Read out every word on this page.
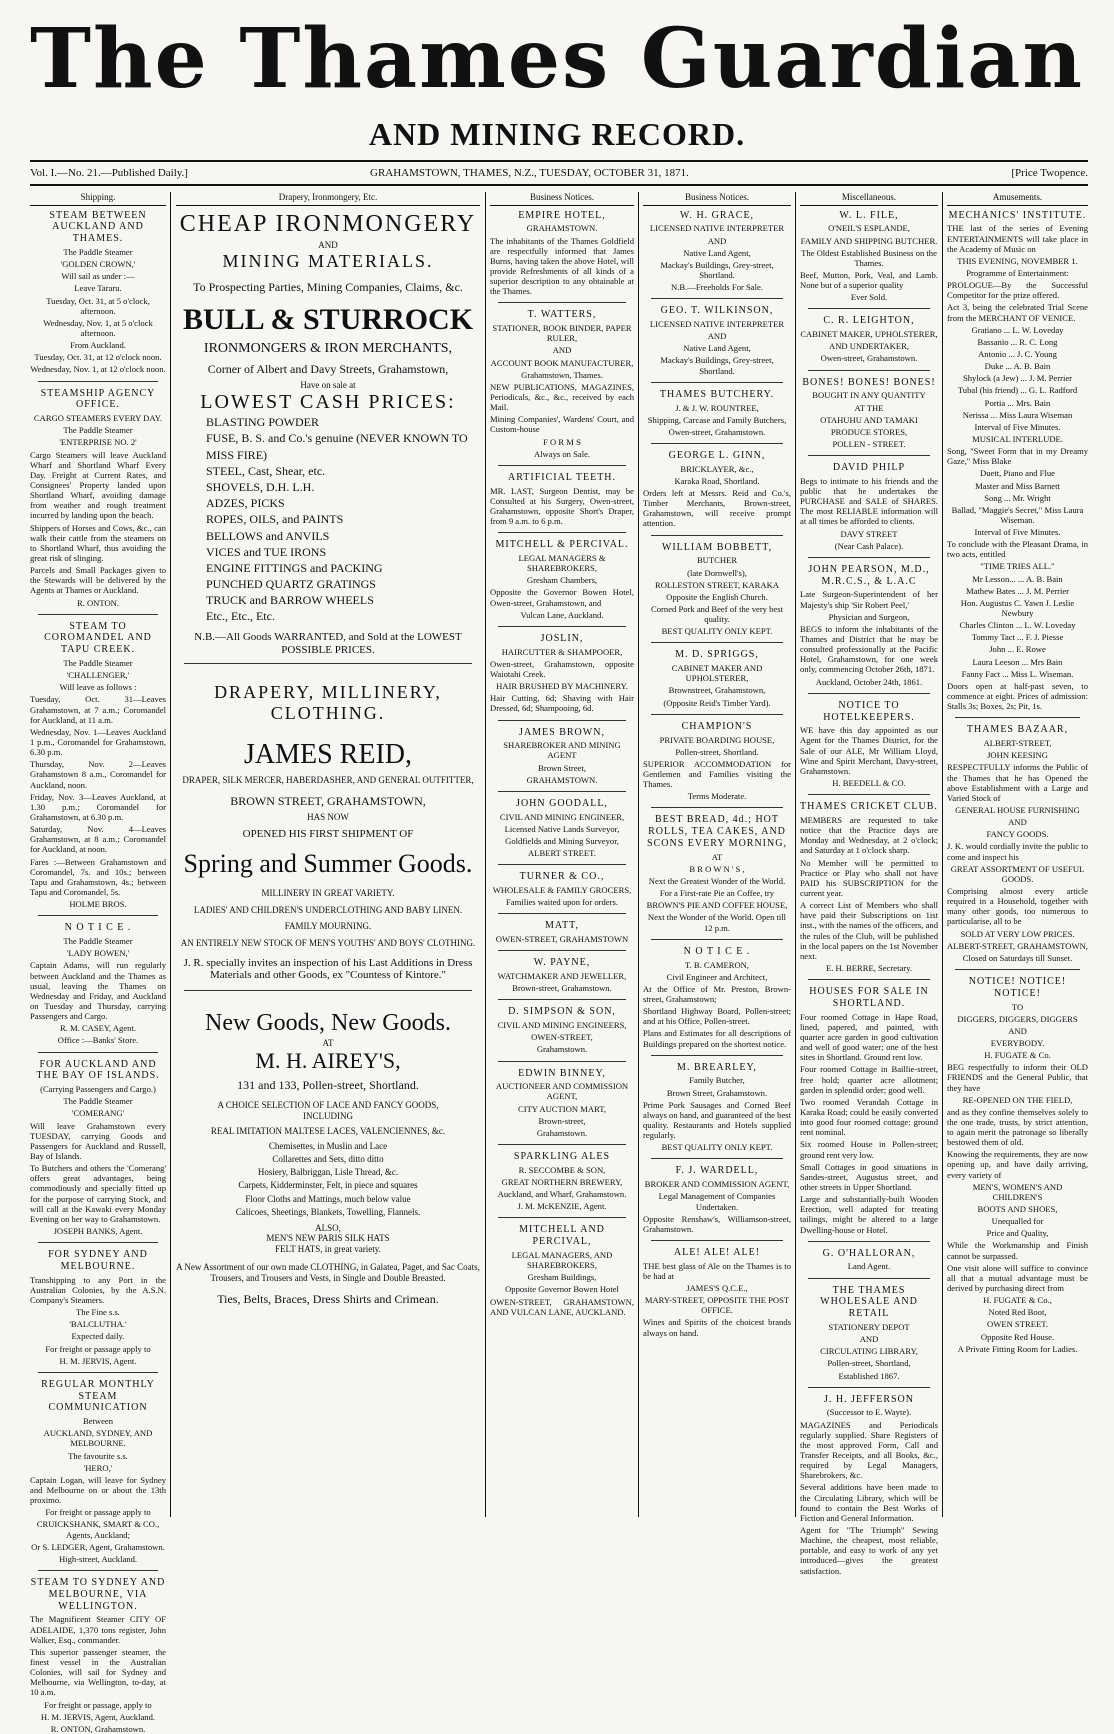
The Thames Guardian
AND MINING RECORD.
Vol. I.—No. 21.—Published Daily.]	GRAHAMSTOWN, THAMES, N.Z., TUESDAY, OCTOBER 31, 1871.	[Price Twopence.
Shipping.
STEAM BETWEEN AUCKLAND AND THAMES.
The Paddle Steamer
'GOLDEN CROWN,'
Will sail as under :—
Leave Tararu.
Tuesday, Oct. 31, at 5 o'clock, afternoon.
Wednesday, Nov. 1, at 5 o'clock afternoon.
From Auckland.
Tuesday, Oct. 31, at 12 o'clock noon.
Wednesday, Nov. 1, at 12 o'clock noon.
STEAMSHIP AGENCY OFFICE.
CARGO STEAMERS EVERY DAY.
The Paddle Steamer
'ENTERPRISE NO. 2'
Cargo Steamers will leave Auckland Wharf and Shortland Wharf Every Day. Freight at Current Rates, and Consignees' Property landed upon Shortland Wharf, avoiding damage from weather and rough treatment incurred by landing upon the beach.
Shippers of Horses and Cows, &c., can walk their cattle from the steamers on to Shortland Wharf, thus avoiding the great risk of slinging.
Parcels and Small Packages given to the Stewards will be delivered by the Agents at Thames or Auckland.
R. ONTON.
STEAM TO COROMANDEL AND TAPU CREEK.
The Paddle Steamer
'CHALLENGER,'
Will leave as follows :
Tuesday, Oct. 31—Leaves Grahamstown, at 7 a.m.; Coromandel for Auckland, at 11 a.m.
Wednesday, Nov. 1—Leaves Auckland 1 p.m., Coromandel for Grahamstown, 6.30 p.m.
Thursday, Nov. 2—Leaves Grahamstown 8 a.m., Coromandel for Auckland, noon.
Friday, Nov. 3—Leaves Auckland, at 1.30 p.m.; Coromandel for Grahamstown, at 6.30 p.m.
Saturday, Nov. 4—Leaves Grahamstown, at 8 a.m.; Coromandel for Auckland, at noon.
Fares :—Between Grahamstown and Coromandel, 7s. and 10s.; between Tapu and Grahamstown, 4s.; between Tapu and Coromandel, 5s.
HOLME BROS.
N O T I C E .
The Paddle Steamer
'LADY BOWEN,'
Captain Adams, will run regularly between Auckland and the Thames as usual, leaving the Thames on Wednesday and Friday, and Auckland on Tuesday and Thursday, carrying Passengers and Cargo.
R. M. CASEY, Agent.
Office :—Banks' Store.
FOR AUCKLAND AND THE BAY OF ISLANDS.
(Carrying Passengers and Cargo.)
The Paddle Steamer
'COMERANG'
Will leave Grahamstown every TUESDAY, carrying Goods and Passengers for Auckland and Russell, Bay of Islands.
To Butchers and others the 'Comerang' offers great advantages, being commodiously and specially fitted up for the purpose of carrying Stock, and will call at the Kawaki every Monday Evening on her way to Grahamstown.
JOSEPH BANKS, Agent.
FOR SYDNEY AND MELBOURNE.
Transhipping to any Port in the Australian Colonies, by the A.S.N. Company's Steamers.
The Fine s.s.
'BALCLUTHA.'
Expected daily.
For freight or passage apply to
H. M. JERVIS, Agent.
REGULAR MONTHLY STEAM COMMUNICATION
Between
AUCKLAND, SYDNEY, AND MELBOURNE.
The favourite s.s.
'HERO,'
Captain Logan, will leave for Sydney and Melbourne on or about the 13th proximo.
For freight or passage apply to
CRUICKSHANK, SMART & CO., Agents, Auckland;
Or S. LEDGER, Agent, Grahamstown.
High-street, Auckland.
STEAM TO SYDNEY AND MELBOURNE, VIA WELLINGTON.
The Magnificent Steamer CITY OF ADELAIDE, 1,370 tons register, John Walker, Esq., commander.
This superior passenger steamer, the finest vessel in the Australian Colonies, will sail for Sydney and Melbourne, via Wellington, to-day, at 10 a.m.
For freight or passage, apply to
H. M. JERVIS, Agent, Auckland.
R. ONTON, Grahamstown.
Drapery, Ironmongery, Etc.
CHEAP IRONMONGERY
AND
MINING MATERIALS.
To Prospecting Parties, Mining Companies, Claims, &c.
BULL & STURROCK
IRONMONGERS & IRON MERCHANTS,
Corner of Albert and Davy Streets, Grahamstown,
Have on sale at
LOWEST CASH PRICES:
BLASTING POWDER
FUSE, B. S. and Co.'s genuine (NEVER KNOWN TO MISS FIRE)
STEEL, Cast, Shear, etc.
SHOVELS, D.H. L.H.
ADZES, PICKS
ROPES, OILS, and PAINTS
BELLOWS and ANVILS
VICES and TUE IRONS
ENGINE FITTINGS and PACKING
PUNCHED QUARTZ GRATINGS
TRUCK and BARROW WHEELS
Etc., Etc., Etc.
N.B.—All Goods WARRANTED, and Sold at the LOWEST POSSIBLE PRICES.
DRAPERY, MILLINERY, CLOTHING.
JAMES REID,
DRAPER, SILK MERCER, HABERDASHER, AND GENERAL OUTFITTER,
BROWN STREET, GRAHAMSTOWN,
HAS NOW
OPENED HIS FIRST SHIPMENT OF
Spring and Summer Goods.
MILLINERY IN GREAT VARIETY.
LADIES' AND CHILDREN'S UNDERCLOTHING AND BABY LINEN.
FAMILY MOURNING.
AN ENTIRELY NEW STOCK OF MEN'S YOUTHS' AND BOYS' CLOTHING.
J. R. specially invites an inspection of his Last Additions in Dress Materials and other Goods, ex "Countess of Kintore."
New Goods, New Goods.
AT
M. H. AIREY'S,
131 and 133, Pollen-street, Shortland.
A CHOICE SELECTION OF LACE AND FANCY GOODS,
INCLUDING
REAL IMITATION MALTESE LACES, VALENCIENNES, &c.
Chemisettes, in Muslin and Lace
Collarettes and Sets, ditto ditto
Hosiery, Balbriggan, Lisle Thread, &c.
Carpets, Kidderminster, Felt, in piece and squares
Floor Cloths and Mattings, much below value
Calicoes, Sheetings, Blankets, Towelling, Flannels.
ALSO,
MEN'S NEW PARIS SILK HATS
FELT HATS, in great variety.
A New Assortment of our own made CLOTHING, in Galatea, Paget, and Sac Coats, Trousers, and Trousers and Vests, in Single and Double Breasted.
Ties, Belts, Braces, Dress Shirts and Crimean.
Business Notices.
EMPIRE HOTEL,
GRAHAMSTOWN.
The inhabitants of the Thames Goldfield are respectfully informed that James Burns, having taken the above Hotel, will provide Refreshments of all kinds of a superior description to any obtainable at the Thames.
T. WATTERS,
STATIONER, BOOK BINDER, PAPER RULER,
AND
ACCOUNT BOOK MANUFACTURER,
Grahamstown, Thames.
NEW PUBLICATIONS, MAGAZINES, Periodicals, &c., &c., received by each Mail.
Mining Companies', Wardens' Court, and Custom-house
F O R M S
Always on Sale.
ARTIFICIAL TEETH.
MR. LAST, Surgeon Dentist, may be Consulted at his Surgery, Owen-street, Grahamstown, opposite Short's Draper, from 9 a.m. to 6 p.m.
MITCHELL & PERCIVAL.
LEGAL MANAGERS & SHAREBROKERS,
Gresham Chambers,
Opposite the Governor Bowen Hotel, Owen-street, Grahamstown, and
Vulcan Lane, Auckland.
JOSLIN,
HAIRCUTTER & SHAMPOOER,
Owen-street, Grahamstown, opposite Waiotahi Creek.
HAIR BRUSHED BY MACHINERY.
Hair Cutting, 6d; Shaving with Hair Dressed, 6d; Shampooing, 6d.
JAMES BROWN,
SHAREBROKER AND MINING AGENT
Brown Street,
GRAHAMSTOWN.
JOHN GOODALL,
CIVIL AND MINING ENGINEER,
Licensed Native Lands Surveyor,
Goldfields and Mining Surveyor,
ALBERT STREET.
TURNER & CO.,
WHOLESALE & FAMILY GROCERS,
Families waited upon for orders.
MATT,
OWEN-STREET, GRAHAMSTOWN
W. PAYNE,
WATCHMAKER AND JEWELLER,
Brown-street, Grahamstown.
D. SIMPSON & SON,
CIVIL AND MINING ENGINEERS,
OWEN-STREET,
Grahamstown.
EDWIN BINNEY,
AUCTIONEER AND COMMISSION AGENT,
CITY AUCTION MART,
Brown-street,
Grahamstown.
SPARKLING ALES
R. SECCOMBE & SON,
GREAT NORTHERN BREWERY,
Auckland, and Wharf, Grahamstown.
J. M. McKENZIE, Agent.
MITCHELL AND PERCIVAL,
LEGAL MANAGERS, AND SHAREBROKERS,
Gresham Buildings,
Opposite Governor Bowen Hotel
OWEN-STREET, GRAHAMSTOWN, AND VULCAN LANE, AUCKLAND.
Business Notices.
W. H. GRACE,
LICENSED NATIVE INTERPRETER
AND
Native Land Agent,
Mackay's Buildings, Grey-street, Shortland.
N.B.—Freeholds For Sale.
GEO. T. WILKINSON,
LICENSED NATIVE INTERPRETER
AND
Native Land Agent,
Mackay's Buildings, Grey-street, Shortland.
THAMES BUTCHERY.
J. & J. W. ROUNTREE,
Shipping, Carcase and Family Butchers,
Owen-street, Grahamstown.
GEORGE L. GINN,
BRICKLAYER, &c.,
Karaka Road, Shortland.
Orders left at Messrs. Reid and Co.'s, Timber Merchants, Brown-street, Grahamstown, will receive prompt attention.
WILLIAM BOBBETT,
BUTCHER
(late Dornwell's),
ROLLESTON STREET, KARAKA
Opposite the English Church.
Corned Pork and Beef of the very best quality.
BEST QUALITY ONLY KEPT.
M. D. SPRIGGS,
CABINET MAKER AND UPHOLSTERER,
Brownstreet, Grahamstown,
(Opposite Reid's Timber Yard).
CHAMPION'S
PRIVATE BOARDING HOUSE,
Pollen-street, Shortland.
SUPERIOR ACCOMMODATION for Gentlemen and Families visiting the Thames.
Terms Moderate.
BEST BREAD, 4d.; HOT ROLLS, TEA CAKES, AND SCONS EVERY MORNING,
AT
B R O W N ' S ,
Next the Greatest Wonder of the World.
For a First-rate Pie an Coffee, try
BROWN'S PIE AND COFFEE HOUSE,
Next the Wonder of the World. Open till 12 p.m.
N O T I C E .
T. B. CAMERON,
Civil Engineer and Architect,
At the Office of Mr. Preston, Brown-street, Grahamstown;
Shortland Highway Board, Pollen-street; and at his Office, Pollen-street.
Plans and Estimates for all descriptions of Buildings prepared on the shortest notice.
M. BREARLEY,
Family Butcher,
Brown Street, Grahamstown.
Prime Pork Sausages and Corned Beef always on hand, and guaranteed of the best quality. Restaurants and Hotels supplied regularly.
BEST QUALITY ONLY KEPT.
F. J. WARDELL,
BROKER AND COMMISSION AGENT,
Legal Management of Companies Undertaken.
Opposite Renshaw's, Williamson-street, Grahamstown.
ALE! ALE! ALE!
THE best glass of Ale on the Thames is to be had at
JAMES'S Q.C.E.,
MARY-STREET, OPPOSITE THE POST OFFICE.
Wines and Spirits of the choicest brands always on hand.
Miscellaneous.
W. L. FILE,
O'NEIL'S ESPLANDE,
FAMILY AND SHIPPING BUTCHER.
The Oldest Established Business on the Thames.
Beef, Mutton, Pork, Veal, and Lamb. None but of a superior quality
Ever Sold.
C. R. LEIGHTON,
CABINET MAKER, UPHOLSTERER,
AND UNDERTAKER,
Owen-street, Grahamstown.
BONES! BONES! BONES!
BOUGHT IN ANY QUANTITY
AT THE
OTAHUHU AND TAMAKI
PRODUCE STORES,
POLLEN - STREET.
DAVID PHILP
Begs to intimate to his friends and the public that he undertakes the PURCHASE and SALE of SHARES. The most RELIABLE information will at all times be afforded to clients.
DAVY STREET
(Near Cash Palace).
JOHN PEARSON, M.D., M.R.C.S., & L.A.C
Late Surgeon-Superintendent of her Majesty's ship 'Sir Robert Peel,'
Physician and Surgeon,
BEGS to inform the inhabitants of the Thames and District that he may be consulted professionally at the Pacific Hotel, Grahamstown, for one week only, commencing October 26th, 1871.
Auckland, October 24th, 1861.
NOTICE TO HOTELKEEPERS.
WE have this day appointed as our Agent for the Thames District, for the Sale of our ALE, Mr William Lloyd, Wine and Spirit Merchant, Davy-street, Grahamstown.
H. BEEDELL & CO.
THAMES CRICKET CLUB.
MEMBERS are requested to take notice that the Practice days are Monday and Wednesday, at 2 o'clock; and Saturday at 1 o'clock sharp.
No Member will be permitted to Practice or Play who shall not have PAID his SUBSCRIPTION for the current year.
A correct List of Members who shall have paid their Subscriptions on 1ist inst., with the names of the officers, and the rules of the Club, will be published in the local papers on the 1st November next.
E. H. BERRE, Secretary.
HOUSES FOR SALE IN SHORTLAND.
Four roomed Cottage in Hape Road, lined, papered, and painted, with quarter acre garden in good cultivation and well of good water; one of the best sites in Shortland. Ground rent low.
Four roomed Cottage in Baillie-street, free hold; quarter acre allotment; garden in splendid order; good well.
Two roomed Verandah Cottage in Karaka Road; could be easily converted into good four roomed cottage: ground rent nominal.
Six roomed House in Pollen-street; ground rent very low.
Small Cottages in good situations in Sandes-street, Augustus street, and other streets in Upper Shortland.
Large and substantially-built Wooden Erection, well adapted for treating tailings, might be altered to a large Dwelling-house or Hotel.
G. O'HALLORAN,
Land Agent.
THE THAMES WHOLESALE AND RETAIL
STATIONERY DEPOT
AND
CIRCULATING LIBRARY,
Pollen-street, Shortland,
Established 1867.
J. H. JEFFERSON
(Successor to E. Wayte).
MAGAZINES and Periodicals regularly supplied. Share Registers of the most approved Form, Call and Transfer Receipts, and all Books, &c., required by Legal Managers, Sharebrokers, &c.
Several additions have been made to the Circulating Library, which will be found to contain the Best Works of Fiction and General Information.
Agent for "The Triumph" Sewing Machine, the cheapest, most reliable, portable, and easy to work of any yet introduced—gives the greatest satisfaction.
Amusements.
MECHANICS' INSTITUTE.
THE last of the series of Evening ENTERTAINMENTS will take place in the Academy of Music on
THIS EVENING, NOVEMBER 1.
Programme of Entertainment:
PROLOGUE—By the Successful Competitor for the prize offered.
Act 3, being the celebrated Trial Scene from the MERCHANT OF VENICE.
Gratiano ... L. W. Loveday
Bassanio ... R. C. Long
Antonio ... J. C. Young
Duke ... A. B. Bain
Shylock (a Jew) ... J. M. Perrier
Tubal (his friend) ... G. L. Radford
Portia ... Mrs. Bain
Nerissa ... Miss Laura Wiseman
Interval of Five Minutes.
MUSICAL INTERLUDE.
Song, "Sweet Form that in my Dreamy Gaze," Miss Blake
Duett, Piano and Flue
Master and Miss Barnett
Song ... Mr. Wright
Ballad, "Maggie's Secret," Miss Laura Wiseman.
Interval of Five Minutes.
To conclude with the Pleasant Drama, in two acts, entitled
"TIME TRIES ALL."
Mr Lesson... ... A. B. Bain
Mathew Bates ... J. M. Perrier
Hon. Augustus C. Yawn J. Leslie Newbury
Charles Clinton ... L. W. Loveday
Tommy Tact ... F. J. Piesse
John ... E. Rowe
Laura Leeson ... Mrs Bain
Fanny Fact ... Miss L. Wiseman.
Doors open at half-past seven, to commence at eight. Prices of admission: Stalls 3s; Boxes, 2s; Pit, 1s.
THAMES BAZAAR,
ALBERT-STREET,
JOHN KEESING
RESPECTFULLY informs the Public of the Thames that he has Opened the above Establishment with a Large and Varied Stock of
GENERAL HOUSE FURNISHING
AND
FANCY GOODS.
J. K. would cordially invite the public to come and inspect his
GREAT ASSORTMENT OF USEFUL GOODS.
Comprising almost every article required in a Household, together with many other goods, too numerous to particularise, all to be
SOLD AT VERY LOW PRICES.
ALBERT-STREET, GRAHAMSTOWN,
Closed on Saturdays till Sunset.
NOTICE! NOTICE! NOTICE!
TO
DIGGERS, DIGGERS, DIGGERS
AND
EVERYBODY.
H. FUGATE & Co.
BEG respectfully to inform their OLD FRIENDS and the General Public, that they have
RE-OPENED ON THE FIELD,
and as they confine themselves solely to the one trade, trusts, by strict attention, to again merit the patronage so liberally bestowed them of old.
Knowing the requirements, they are now opening up, and have daily arriving, every variety of
MEN'S, WOMEN'S AND CHILDREN'S
BOOTS AND SHOES,
Unequalled for
Price and Quality,
While the Workmanship and Finish cannot be surpassed.
One visit alone will suffice to convince all that a mutual advantage must be derived by purchasing direct from
H. FUGATE & Co.,
Noted Red Boot,
OWEN STREET.
Opposite Red House.
A Private Fitting Room for Ladies.
